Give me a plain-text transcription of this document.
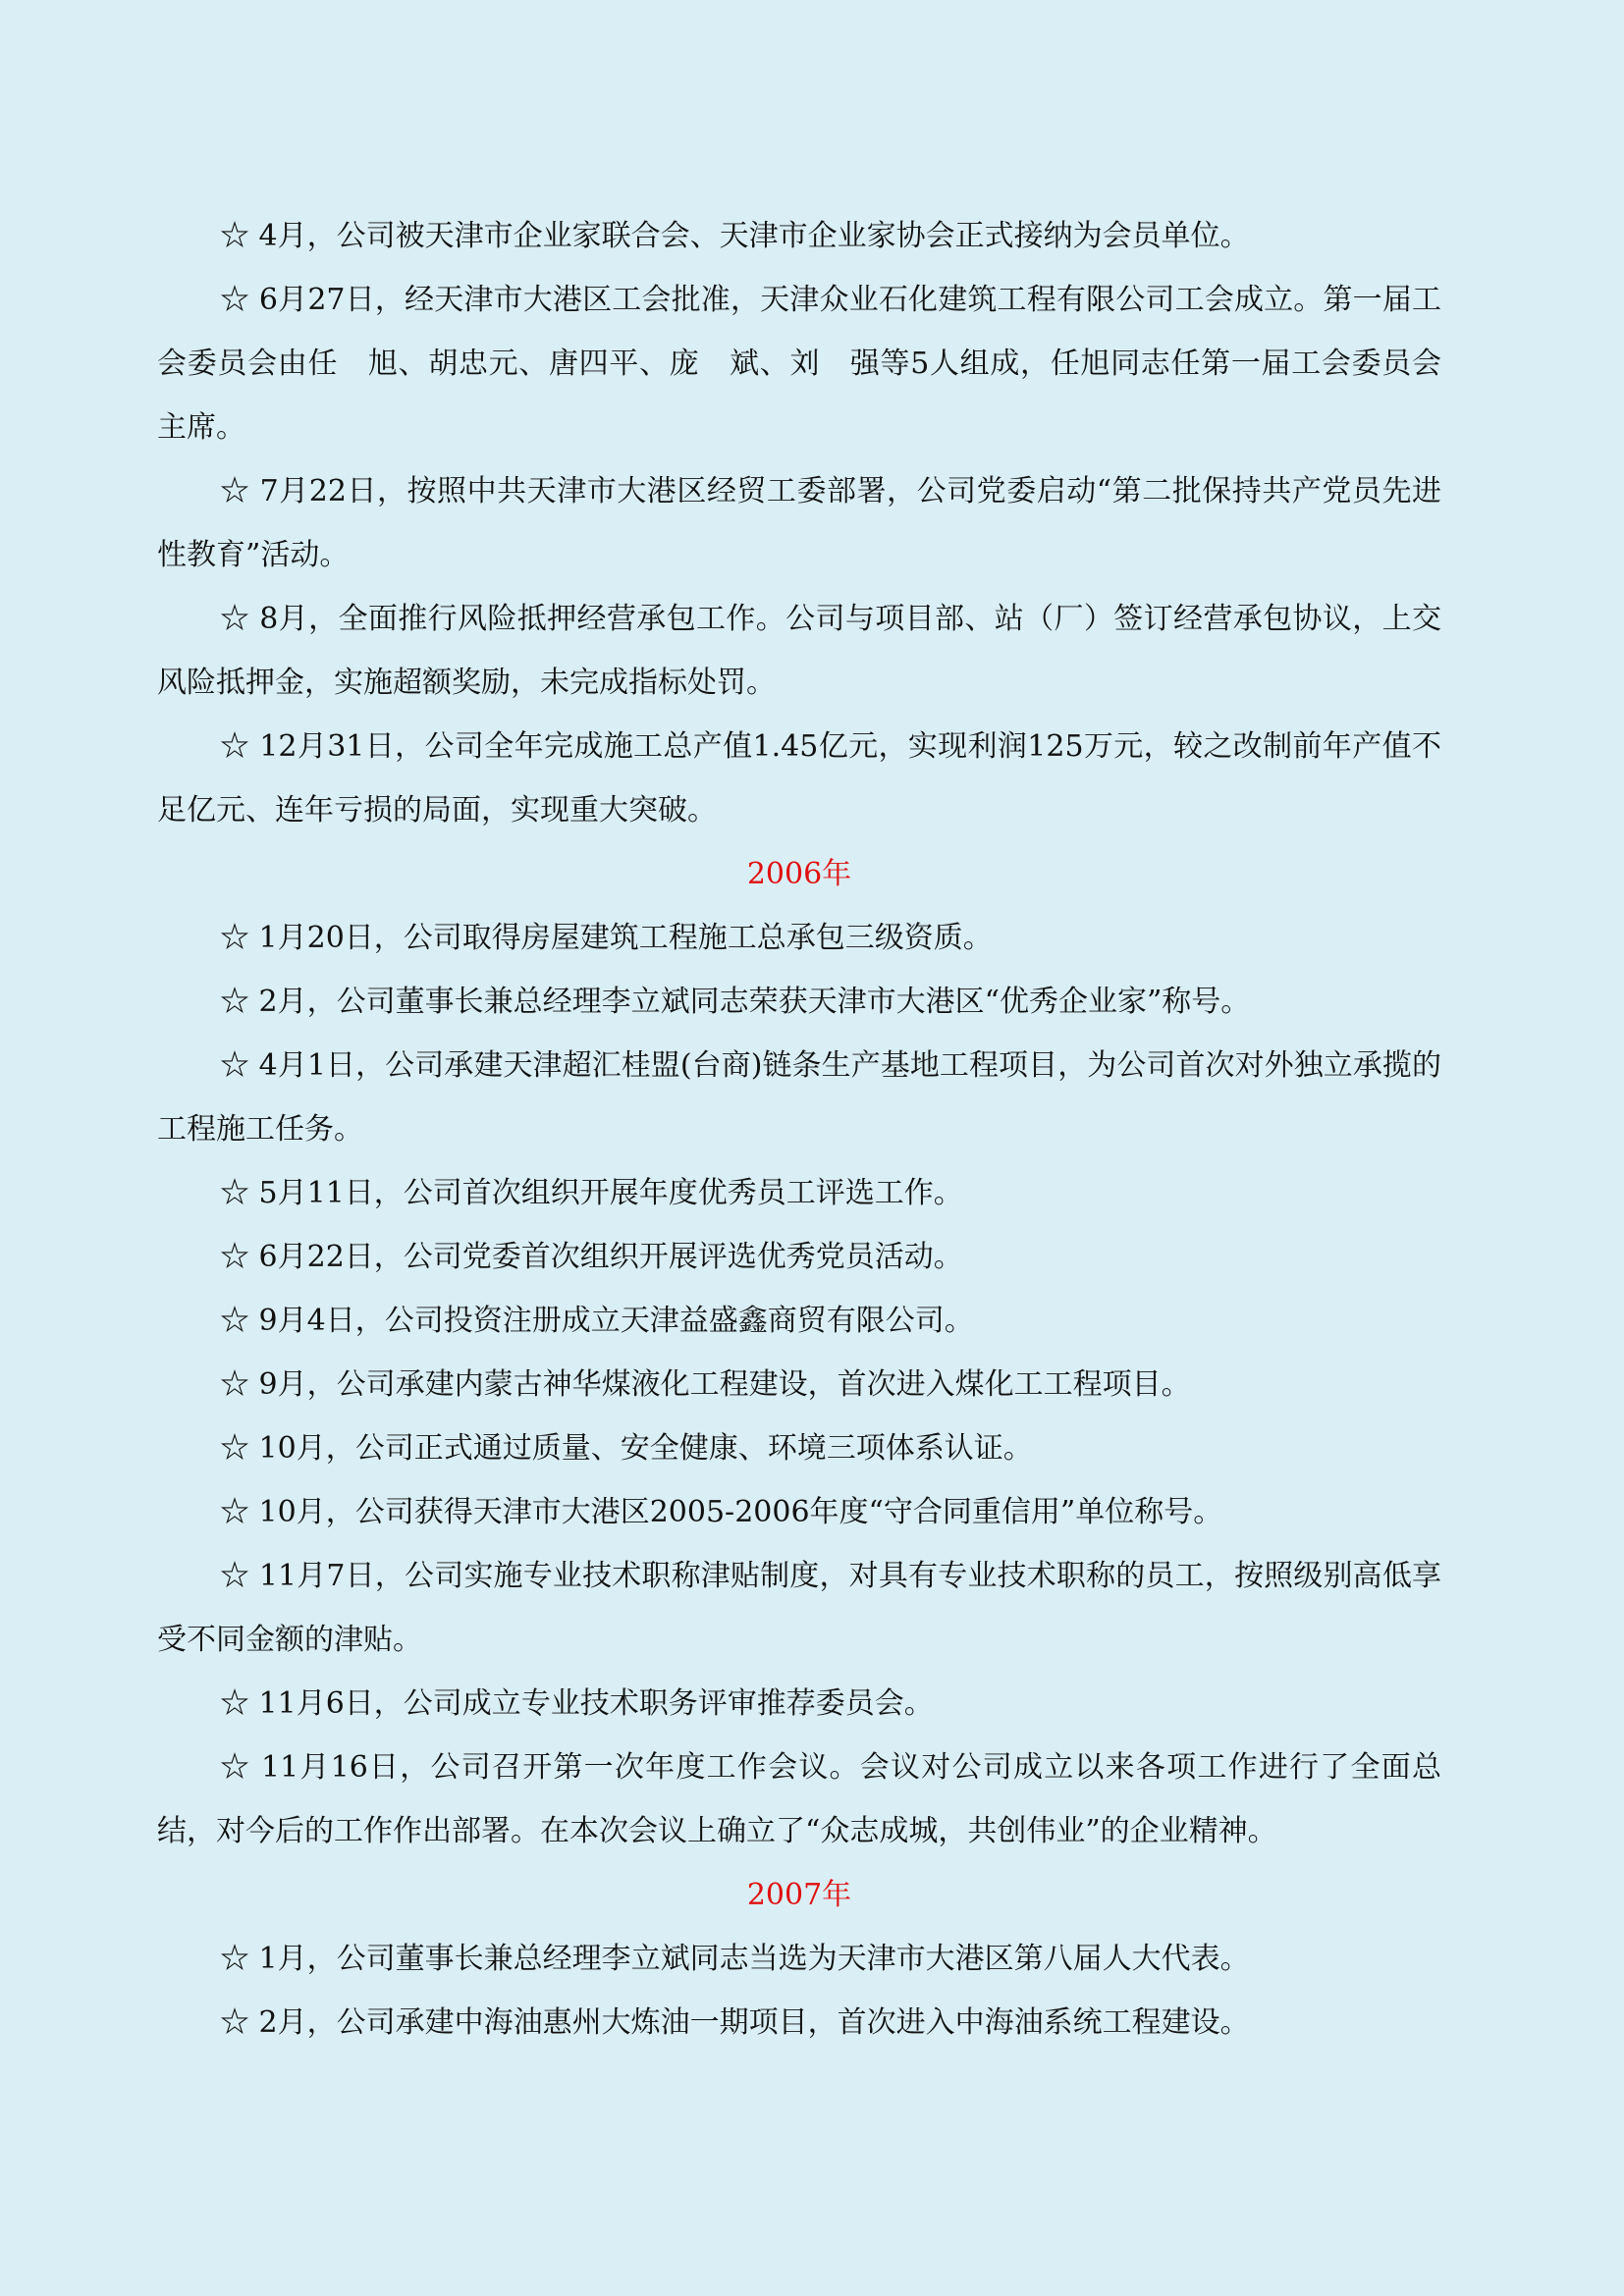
☆ 4月，公司被天津市企业家联合会、天津市企业家协会正式接纳为会员单位。

☆ 6月27日，经天津市大港区工会批准，天津众业石化建筑工程有限公司工会成立。第一届工会委员会由任　旭、胡忠元、唐四平、庞　斌、刘　强等5人组成，任旭同志任第一届工会委员会主席。

☆ 7月22日，按照中共天津市大港区经贸工委部署，公司党委启动“第二批保持共产党员先进性教育”活动。

☆ 8月，全面推行风险抵押经营承包工作。公司与项目部、站（厂）签订经营承包协议，上交风险抵押金，实施超额奖励，未完成指标处罚。

☆ 12月31日，公司全年完成施工总产值1.45亿元，实现利润125万元，较之改制前年产值不足亿元、连年亏损的局面，实现重大突破。

2006年

☆ 1月20日，公司取得房屋建筑工程施工总承包三级资质。

☆ 2月，公司董事长兼总经理李立斌同志荣获天津市大港区“优秀企业家”称号。

☆ 4月1日，公司承建天津超汇桂盟(台商)链条生产基地工程项目，为公司首次对外独立承揽的工程施工任务。

☆ 5月11日，公司首次组织开展年度优秀员工评选工作。

☆ 6月22日，公司党委首次组织开展评选优秀党员活动。

☆ 9月4日，公司投资注册成立天津益盛鑫商贸有限公司。

☆ 9月，公司承建内蒙古神华煤液化工程建设，首次进入煤化工工程项目。

☆ 10月，公司正式通过质量、安全健康、环境三项体系认证。

☆ 10月，公司获得天津市大港区2005-2006年度“守合同重信用”单位称号。

☆ 11月7日，公司实施专业技术职称津贴制度，对具有专业技术职称的员工，按照级别高低享受不同金额的津贴。

☆ 11月6日，公司成立专业技术职务评审推荐委员会。

☆ 11月16日，公司召开第一次年度工作会议。会议对公司成立以来各项工作进行了全面总结，对今后的工作作出部署。在本次会议上确立了“众志成城，共创伟业”的企业精神。

2007年

☆ 1月，公司董事长兼总经理李立斌同志当选为天津市大港区第八届人大代表。

☆ 2月，公司承建中海油惠州大炼油一期项目，首次进入中海油系统工程建设。
